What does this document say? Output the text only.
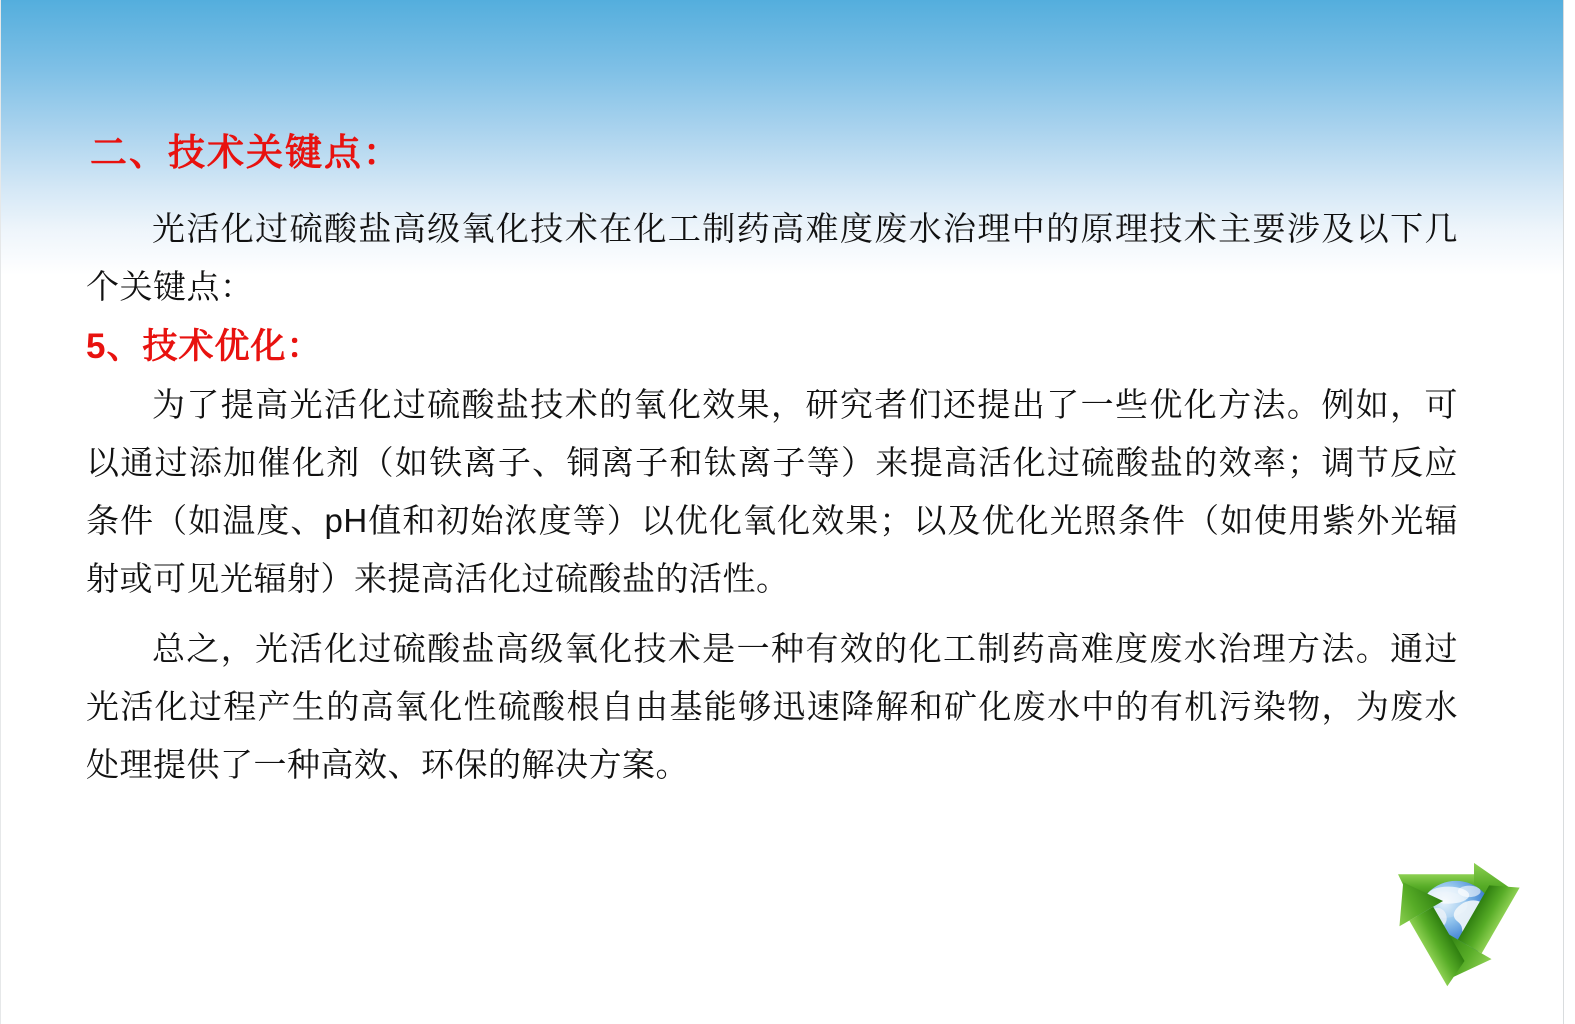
二、技术关键点：

光活化过硫酸盐高级氧化技术在化工制药高难度废水治理中的原理技术主要涉及以下几个关键点：

5、技术优化：

为了提高光活化过硫酸盐技术的氧化效果，研究者们还提出了一些优化方法。例如，可以通过添加催化剂（如铁离子、铜离子和钛离子等）来提高活化过硫酸盐的效率；调节反应条件（如温度、pH值和初始浓度等）以优化氧化效果；以及优化光照条件（如使用紫外光辐射或可见光辐射）来提高活化过硫酸盐的活性。

总之，光活化过硫酸盐高级氧化技术是一种有效的化工制药高难度废水治理方法。通过光活化过程产生的高氧化性硫酸根自由基能够迅速降解和矿化废水中的有机污染物，为废水处理提供了一种高效、环保的解决方案。
